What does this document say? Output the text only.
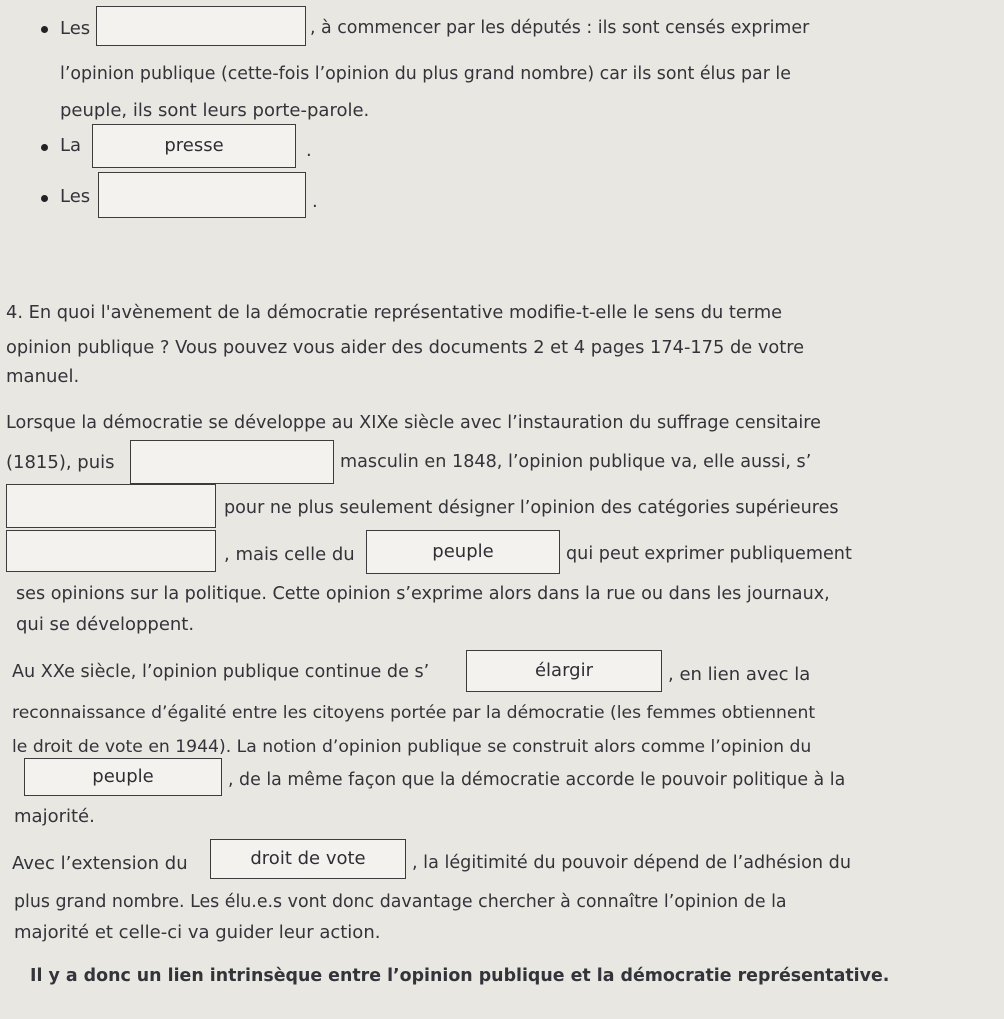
Les	, à commencer par les députés : ils sont censés exprimer
l’opinion publique (cette-fois l’opinion du plus grand nombre) car ils sont élus par le
peuple, ils sont leurs porte-parole.
La	presse	.
Les	.
4. En quoi l'avènement de la démocratie représentative modifie-t-elle le sens du terme
opinion publique ? Vous pouvez vous aider des documents 2 et 4 pages 174-175 de votre
manuel.
Lorsque la démocratie se développe au XIXe siècle avec l’instauration du suffrage censitaire
(1815), puis	masculin en 1848, l’opinion publique va, elle aussi, s’
pour ne plus seulement désigner l’opinion des catégories supérieures
, mais celle du	peuple	qui peut exprimer publiquement
ses opinions sur la politique. Cette opinion s’exprime alors dans la rue ou dans les journaux,
qui se développent.
Au XXe siècle, l’opinion publique continue de s’	élargir	, en lien avec la
reconnaissance d’égalité entre les citoyens portée par la démocratie (les femmes obtiennent
le droit de vote en 1944). La notion d’opinion publique se construit alors comme l’opinion du
peuple	, de la même façon que la démocratie accorde le pouvoir politique à la
majorité.
Avec l’extension du	droit de vote	, la légitimité du pouvoir dépend de l’adhésion du
plus grand nombre. Les élu.e.s vont donc davantage chercher à connaître l’opinion de la
majorité et celle-ci va guider leur action.
Il y a donc un lien intrinsèque entre l’opinion publique et la démocratie représentative.
